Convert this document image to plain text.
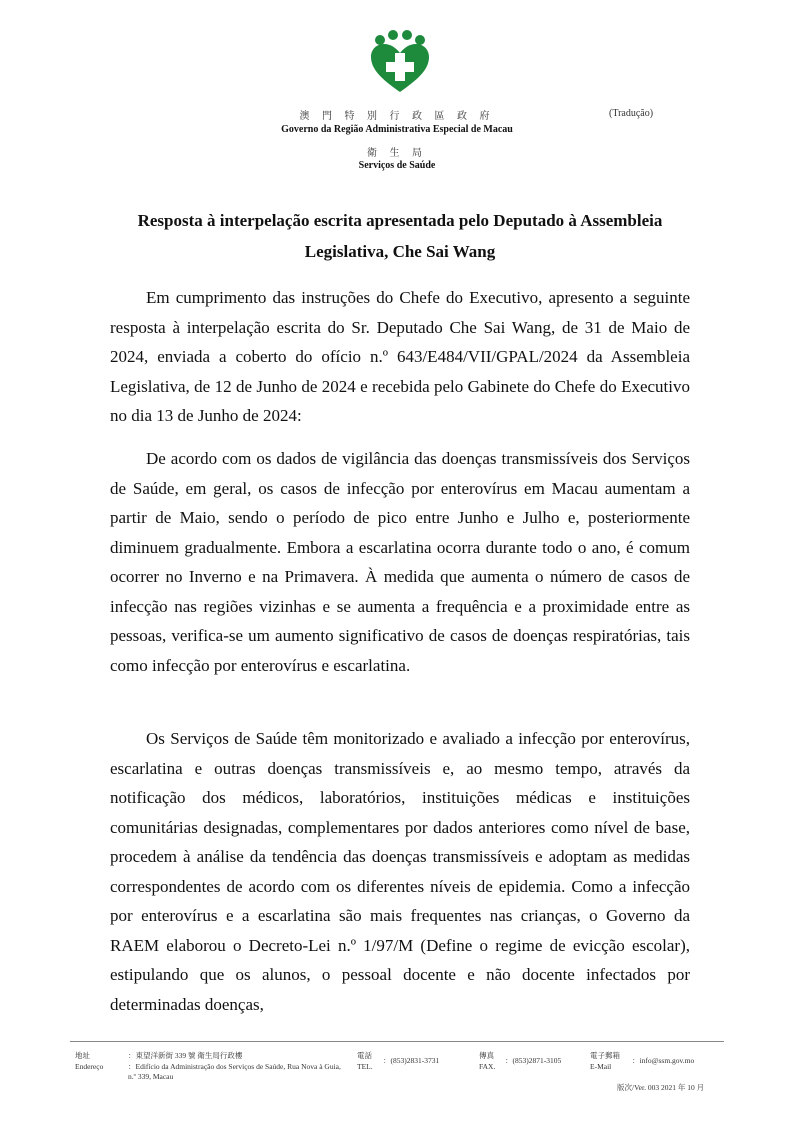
澳 門 特 別 行 政 區 政 府	(Tradução)
Governo da Região Administrativa Especial de Macau
衛 生 局
Serviços de Saúde
Resposta à interpelação escrita apresentada pelo Deputado à Assembleia Legislativa, Che Sai Wang

Em cumprimento das instruções do Chefe do Executivo, apresento a seguinte resposta à interpelação escrita do Sr. Deputado Che Sai Wang, de 31 de Maio de 2024, enviada a coberto do ofício n.º 643/E484/VII/GPAL/2024 da Assembleia Legislativa, de 12 de Junho de 2024 e recebida pelo Gabinete do Chefe do Executivo no dia 13 de Junho de 2024:

De acordo com os dados de vigilância das doenças transmissíveis dos Serviços de Saúde, em geral, os casos de infecção por enterovírus em Macau aumentam a partir de Maio, sendo o período de pico entre Junho e Julho e, posteriormente diminuem gradualmente. Embora a escarlatina ocorra durante todo o ano, é comum ocorrer no Inverno e na Primavera. À medida que aumenta o número de casos de infecção nas regiões vizinhas e se aumenta a frequência e a proximidade entre as pessoas, verifica-se um aumento significativo de casos de doenças respiratórias, tais como infecção por enterovírus e escarlatina.

Os Serviços de Saúde têm monitorizado e avaliado a infecção por enterovírus, escarlatina e outras doenças transmissíveis e, ao mesmo tempo, através da notificação dos médicos, laboratórios, instituições médicas e instituições comunitárias designadas, complementares por dados anteriores como nível de base, procedem à análise da tendência das doenças transmissíveis e adoptam as medidas correspondentes de acordo com os diferentes níveis de epidemia. Como a infecção por enterovírus e a escarlatina são mais frequentes nas crianças, o Governo da RAEM elaborou o Decreto-Lei n.º 1/97/M (Define o regime de evicção escolar), estipulando que os alunos, o pessoal docente e não docente infectados por determinadas doenças,

地址
Endereço
：東望洋新街 339 號 衛生局行政樓
：Edifício da Administração dos Serviços de Saúde, Rua Nova à Guia, n.º 339, Macau
電話
TEL.
：(853)2831-3731
傳真
FAX.
：(853)2871-3105
電子郵箱
E-Mail
：info@ssm.gov.mo
版次/Ver. 003 2021 年 10 月
